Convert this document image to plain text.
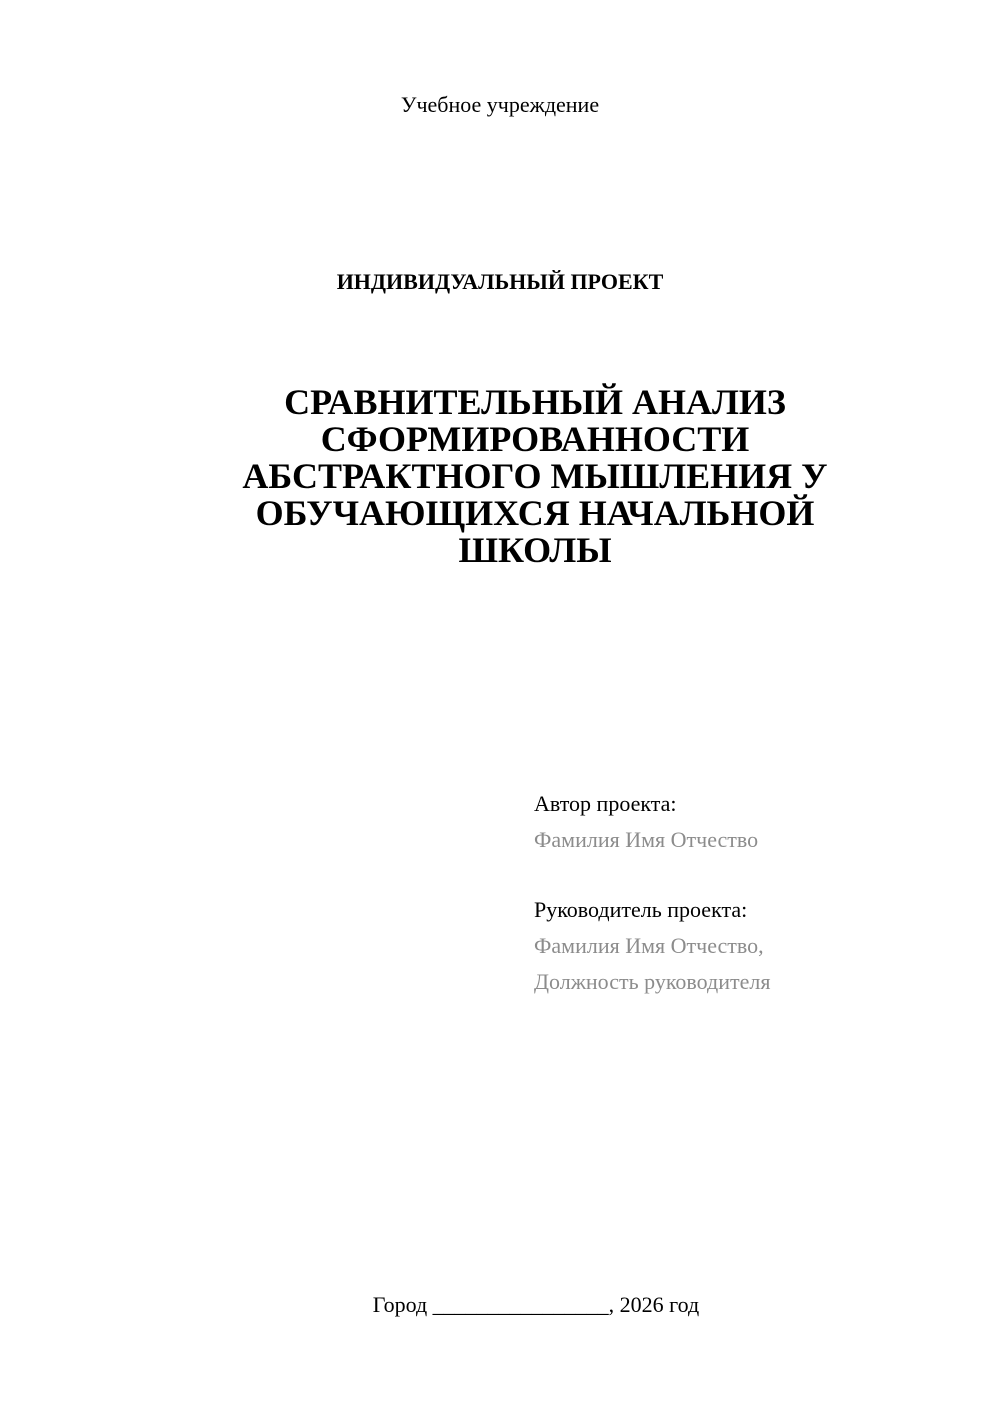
Учебное учреждение
ИНДИВИДУАЛЬНЫЙ ПРОЕКТ
СРАВНИТЕЛЬНЫЙ АНАЛИЗ
СФОРМИРОВАННОСТИ
АБСТРАКТНОГО МЫШЛЕНИЯ У
ОБУЧАЮЩИХСЯ НАЧАЛЬНОЙ
ШКОЛЫ
Автор проекта:
Фамилия Имя Отчество
Руководитель проекта:
Фамилия Имя Отчество,
Должность руководителя
Город ________________, 2026 год
